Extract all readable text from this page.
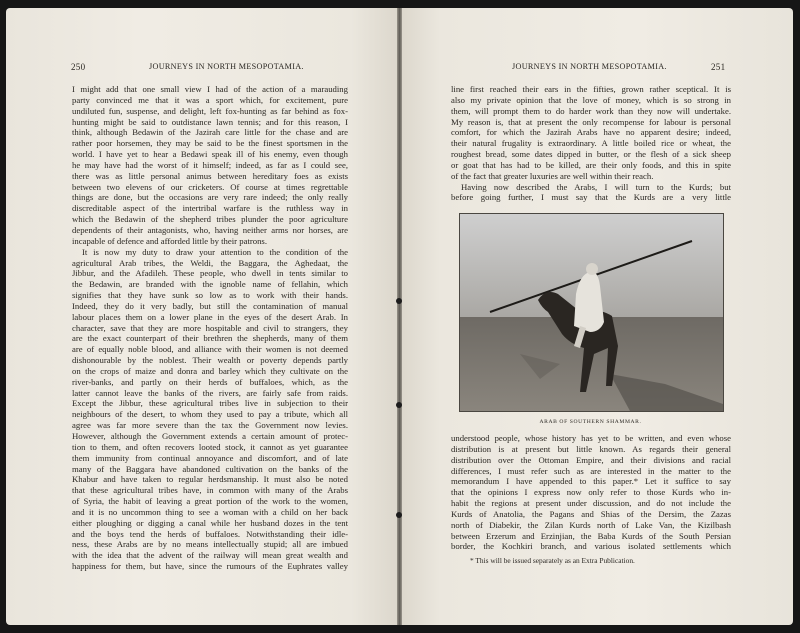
250	JOURNEYS IN NORTH MESOPOTAMIA.
I might add that one small view I had of the action of a marauding
party convinced me that it was a sport which, for excitement, pure
undiluted fun, suspense, and delight, left fox-hunting as far behind as fox-
hunting might be said to outdistance lawn tennis; and for this reason, I
think, although Bedawin of the Jazirah care little for the chase and are
rather poor horsemen, they may be said to be the finest sportsmen in the
world. I have yet to hear a Bedawi speak ill of his enemy, even though
he may have had the worst of it himself; indeed, as far as I could see,
there was as little personal animus between hereditary foes as exists
between two elevens of our cricketers. Of course at times regrettable
things are done, but the occasions are very rare indeed; the only really
discreditable aspect of the intertribal warfare is the ruthless way in
which the Bedawin of the shepherd tribes plunder the poor agriculture
dependents of their antagonists, who, having neither arms nor horses, are
incapable of defence and afforded little by their patrons.
It is now my duty to draw your attention to the condition of the
agricultural Arab tribes, the Weldi, the Baggara, the Aghedaat, the
Jibbur, and the Afadileh. These people, who dwell in tents similar to
the Bedawin, are branded with the ignoble name of fellahin, which
signifies that they have sunk so low as to work with their hands.
Indeed, they do it very badly, but still the contamination of manual
labour places them on a lower plane in the eyes of the desert Arab. In
character, save that they are more hospitable and civil to strangers, they
are the exact counterpart of their brethren the shepherds, many of them
are of equally noble blood, and alliance with their women is not deemed
dishonourable by the noblest. Their wealth or poverty depends partly
on the crops of maize and donra and barley which they cultivate on the
river-banks, and partly on their herds of buffaloes, which, as the
latter cannot leave the banks of the rivers, are fairly safe from raids.
Except the Jibbur, these agricultural tribes live in subjection to their
neighbours of the desert, to whom they used to pay a tribute, which all
agree was far more severe than the tax the Government now levies.
However, although the Government extends a certain amount of protec-
tion to them, and often recovers looted stock, it cannot as yet guarantee
them immunity from continual annoyance and discomfort, and of late
many of the Baggara have abandoned cultivation on the banks of the
Khabur and have taken to regular herdsmanship. It must also be noted
that these agricultural tribes have, in common with many of the Arabs
of Syria, the habit of leaving a great portion of the work to the women,
and it is no uncommon thing to see a woman with a child on her back
either ploughing or digging a canal while her husband dozes in the tent
and the boys tend the herds of buffaloes. Notwithstanding their idle-
ness, these Arabs are by no means intellectually stupid; all are imbued
with the idea that the advent of the railway will mean great wealth and
happiness for them, but have, since the rumours of the Euphrates valley
JOURNEYS IN NORTH MESOPOTAMIA.	251
line first reached their ears in the fifties, grown rather sceptical. It is
also my private opinion that the love of money, which is so strong in
them, will prompt them to do harder work than they now will undertake.
My reason is, that at present the only recompense for labour is personal
comfort, for which the Jazirah Arabs have no apparent desire; indeed,
their natural frugality is extraordinary. A little boiled rice or wheat, the
roughest bread, some dates dipped in butter, or the flesh of a sick sheep
or goat that has had to be killed, are their only foods, and this in spite
of the fact that greater luxuries are well within their reach.
Having now described the Arabs, I will turn to the Kurds; but
before going further, I must say that the Kurds are a very little
ARAB OF SOUTHERN SHAMMAR.
understood people, whose history has yet to be written, and even whose
distribution is at present but little known. As regards their general
distribution over the Ottoman Empire, and their divisions and racial
differences, I must refer such as are interested in the matter to the
memorandum I have appended to this paper.* Let it suffice to say
that the opinions I express now only refer to those Kurds who in-
habit the regions at present under discussion, and do not include the
Kurds of Anatolia, the Pagans and Shias of the Dersim, the Zazas
north of Diabekir, the Zilan Kurds north of Lake Van, the Kizilbash
between Erzerum and Erzinjian, the Baba Kurds of the South Persian
border, the Kochkiri branch, and various isolated settlements which
* This will be issued separately as an Extra Publication.
